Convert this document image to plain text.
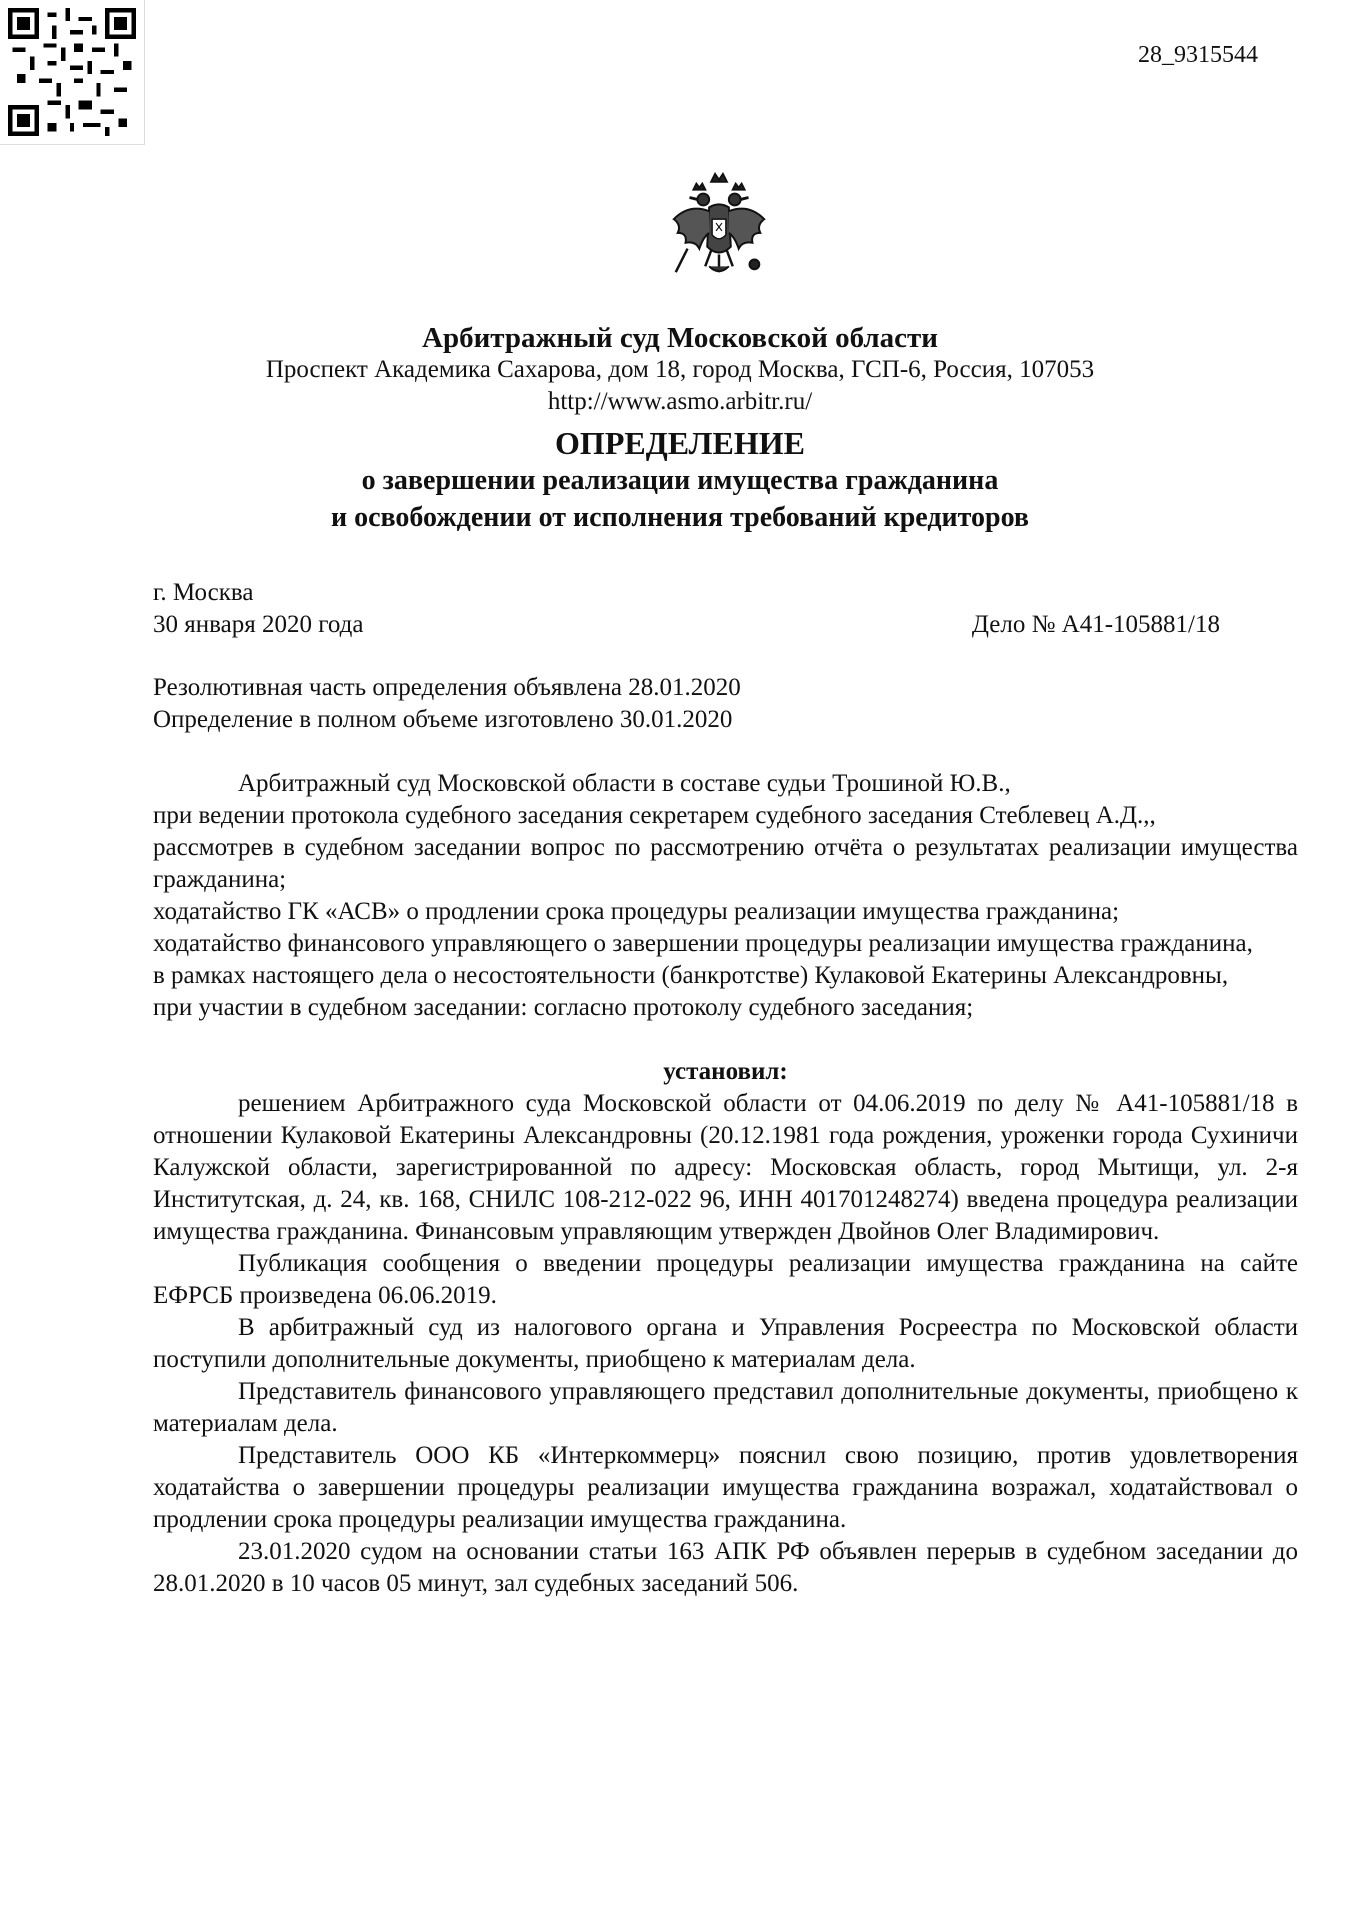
28_9315544
Арбитражный суд Московской области
Проспект Академика Сахарова, дом 18, город Москва, ГСП-6, Россия, 107053
http://www.asmo.arbitr.ru/
ОПРЕДЕЛЕНИЕ
о завершении реализации имущества гражданина
и освобождении от исполнения требований кредиторов
г. Москва
30 января 2020 года	Дело № А41-105881/18
Резолютивная часть определения объявлена 28.01.2020
Определение в полном объеме изготовлено 30.01.2020

Арбитражный суд Московской области в составе судьи Трошиной Ю.В.,

при ведении протокола судебного заседания секретарем судебного заседания Стеблевец А.Д.,,

рассмотрев в судебном заседании вопрос по рассмотрению отчёта о результатах реализации имущества гражданина;

ходатайство ГК «АСВ» о продлении срока процедуры реализации имущества гражданина;

ходатайство финансового управляющего о завершении процедуры реализации имущества гражданина,

в рамках настоящего дела о несостоятельности (банкротстве) Кулаковой Екатерины Александровны,

при участии в судебном заседании: согласно протоколу судебного заседания;

установил:

решением Арбитражного суда Московской области от 04.06.2019 по делу № А41-105881/18 в отношении Кулаковой Екатерины Александровны (20.12.1981 года рождения, уроженки города Сухиничи Калужской области, зарегистрированной по адресу: Московская область, город Мытищи, ул. 2-я Институтская, д. 24, кв. 168, СНИЛС 108-212-022 96, ИНН 401701248274) введена процедура реализации имущества гражданина. Финансовым управляющим утвержден Двойнов Олег Владимирович.

Публикация сообщения о введении процедуры реализации имущества гражданина на сайте ЕФРСБ произведена 06.06.2019.

В арбитражный суд из налогового органа и Управления Росреестра по Московской области поступили дополнительные документы, приобщено к материалам дела.

Представитель финансового управляющего представил дополнительные документы, приобщено к материалам дела.

Представитель ООО КБ «Интеркоммерц» пояснил свою позицию, против удовлетворения ходатайства о завершении процедуры реализации имущества гражданина возражал, ходатайствовал о продлении срока процедуры реализации имущества гражданина.

23.01.2020 судом на основании статьи 163 АПК РФ объявлен перерыв в судебном заседании до 28.01.2020 в 10 часов 05 минут, зал судебных заседаний 506.
